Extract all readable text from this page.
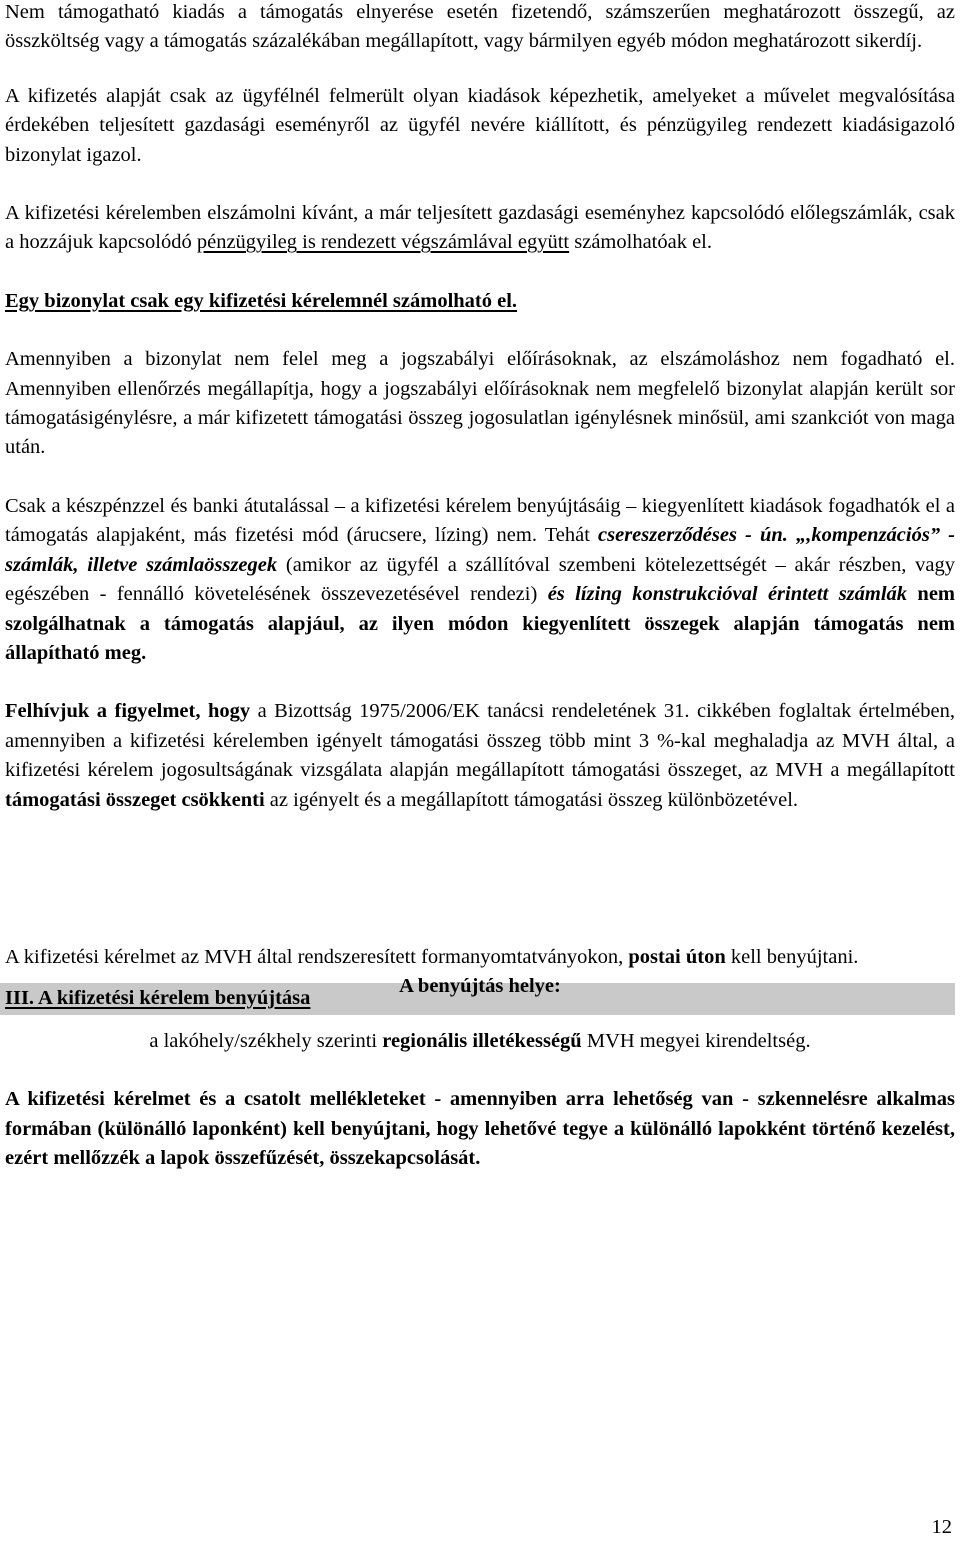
III. A kifizetési kérelem benyújtása

Nem támogatható kiadás a támogatás elnyerése esetén fizetendő, számszerűen meghatározott összegű, az összköltség vagy a támogatás százalékában megállapított, vagy bármilyen egyéb módon meghatározott sikerdíj.

A kifizetés alapját csak az ügyfélnél felmerült olyan kiadások képezhetik, amelyeket a művelet megvalósítása érdekében teljesített gazdasági eseményről az ügyfél nevére kiállított, és pénzügyileg rendezett kiadásigazoló bizonylat igazol.

A kifizetési kérelemben elszámolni kívánt, a már teljesített gazdasági eseményhez kapcsolódó előlegszámlák, csak a hozzájuk kapcsolódó pénzügyileg is rendezett végszámlával együtt számolhatóak el.

Egy bizonylat csak egy kifizetési kérelemnél számolható el.

Amennyiben a bizonylat nem felel meg a jogszabályi előírásoknak, az elszámoláshoz nem fogadható el. Amennyiben ellenőrzés megállapítja, hogy a jogszabályi előírásoknak nem megfelelő bizonylat alapján került sor támogatásigénylésre, a már kifizetett támogatási összeg jogosulatlan igénylésnek minősül, ami szankciót von maga után.

Csak a készpénzzel és banki átutalással – a kifizetési kérelem benyújtásáig – kiegyenlített kiadások fogadhatók el a támogatás alapjaként, más fizetési mód (árucsere, lízing) nem. Tehát csereszerződéses - ún. „,kompenzációs” - számlák, illetve számlaösszegek (amikor az ügyfél a szállítóval szembeni kötelezettségét – akár részben, vagy egészében - fennálló követelésének összevezetésével rendezi) és lízing konstrukcióval érintett számlák nem szolgálhatnak a támogatás alapjául, az ilyen módon kiegyenlített összegek alapján támogatás nem állapítható meg.

Felhívjuk a figyelmet, hogy a Bizottság 1975/2006/EK tanácsi rendeletének 31. cikkében foglaltak értelmében, amennyiben a kifizetési kérelemben igényelt támogatási összeg több mint 3 %-kal meghaladja az MVH által, a kifizetési kérelem jogosultságának vizsgálata alapján megállapított támogatási összeget, az MVH a megállapított támogatási összeget csökkenti az igényelt és a megállapított támogatási összeg különbözetével.

A kifizetési kérelmet az MVH által rendszeresített formanyomtatványokon, postai úton kell benyújtani.

A benyújtás helye:

a lakóhely/székhely szerinti regionális illetékességű MVH megyei kirendeltség.

A kifizetési kérelmet és a csatolt mellékleteket - amennyiben arra lehetőség van - szkennelésre alkalmas formában (különálló laponként) kell benyújtani, hogy lehetővé tegye a különálló lapokként történő kezelést, ezért mellőzzék a lapok összefűzését, összekapcsolását.

12
